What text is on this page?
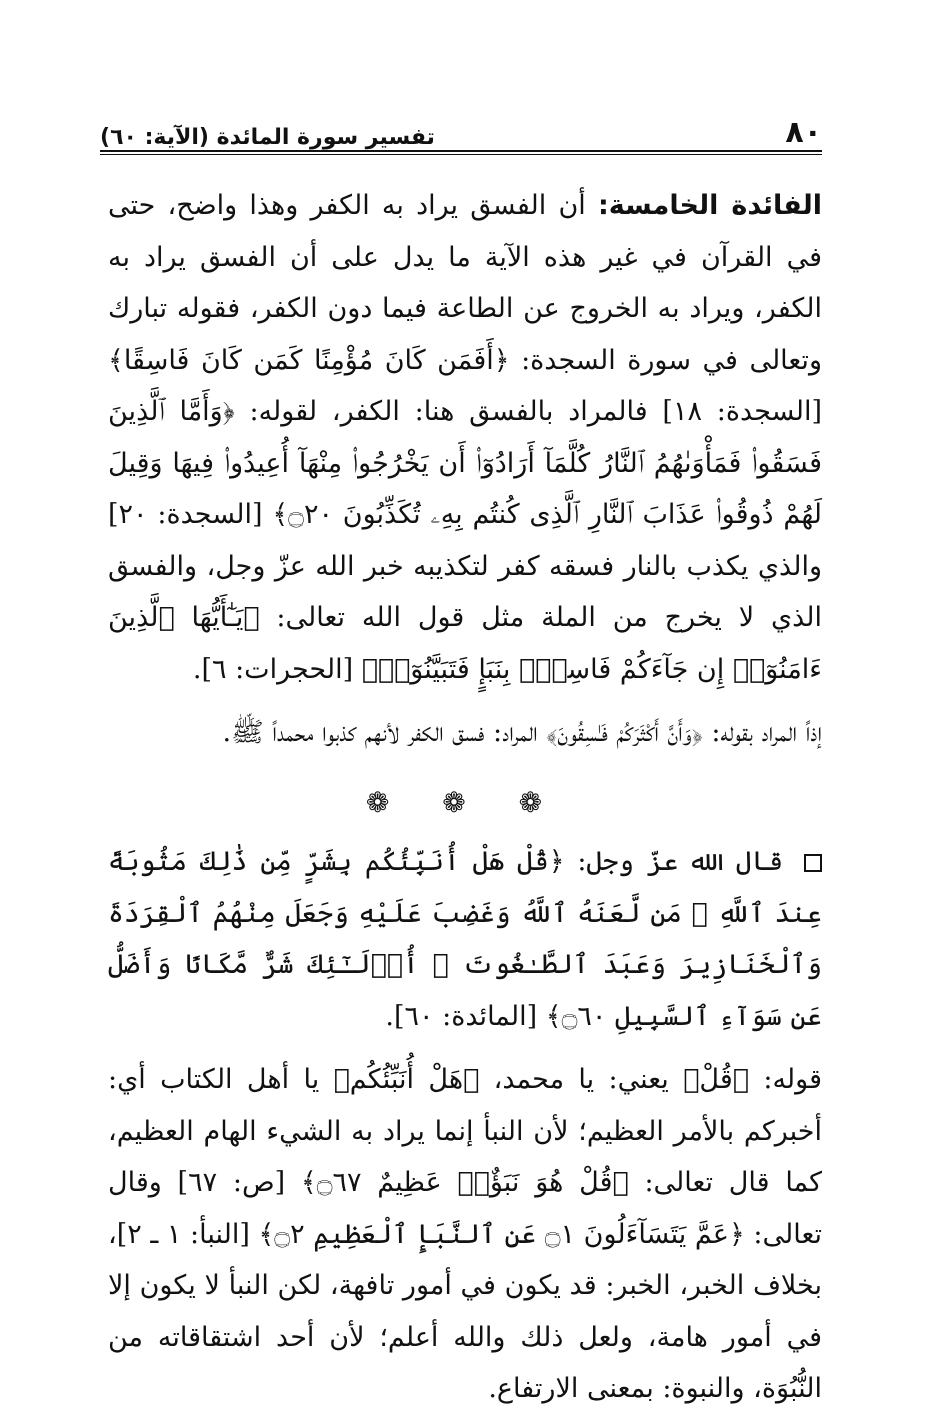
٨٠
تفسير سورة المائدة (الآية: ٦٠)

الفائدة الخامسة: أن الفسق يراد به الكفر وهذا واضح، حتى في القرآن في غير هذه الآية ما يدل على أن الفسق يراد به الكفر، ويراد به الخروج عن الطاعة فيما دون الكفر، فقوله تبارك وتعالى في سورة السجدة: ﴿أَفَمَن كَانَ مُؤْمِنًا كَمَن كَانَ فَاسِقًا﴾ [السجدة: ١٨] فالمراد بالفسق هنا: الكفر، لقوله: ﴿وَأَمَّا ٱلَّذِينَ فَسَقُوا۟ فَمَأْوَىٰهُمُ ٱلنَّارُ كُلَّمَآ أَرَادُوٓا۟ أَن يَخْرُجُوا۟ مِنْهَآ أُعِيدُوا۟ فِيهَا وَقِيلَ لَهُمْ ذُوقُوا۟ عَذَابَ ٱلنَّارِ ٱلَّذِى كُنتُم بِهِۦ تُكَذِّبُونَ ۝٢٠﴾ [السجدة: ٢٠] والذي يكذب بالنار فسقه كفر لتكذيبه خبر الله عزّ وجل، والفسق الذي لا يخرج من الملة مثل قول الله تعالى: ﴿يَـٰٓأَيُّهَا ٱلَّذِينَ ءَامَنُوٓا۟ إِن جَآءَكُمْ فَاسِقٌۢ بِنَبَإٍ فَتَبَيَّنُوٓا۟﴾ [الحجرات: ٦].

إذاً المراد بقوله: ﴿وَأَنَّ أَكْثَرَكُمْ فَـٰسِقُونَ﴾ المراد: فسق الكفر لأنهم كذبوا محمداً ﷺ.

❁ ❁ ❁

قال الله عزّ وجل: ﴿قُلْ هَلْ أُنَبِّئُكُم بِشَرٍّ مِّن ذَٰلِكَ مَثُوبَةً عِندَ ٱللَّهِ ۚ مَن لَّعَنَهُ ٱللَّهُ وَغَضِبَ عَلَيْهِ وَجَعَلَ مِنْهُمُ ٱلْقِرَدَةَ وَٱلْخَنَازِيرَ وَعَبَدَ ٱلطَّـٰغُوتَ ۚ أُو۟لَـٰٓئِكَ شَرٌّ مَّكَانًا وَأَضَلُّ عَن سَوَآءِ ٱلسَّبِيلِ ۝٦٠﴾ [المائدة: ٦٠].

قوله: ﴿قُلْ﴾ يعني: يا محمد، ﴿هَلْ أُنَبِّئُكُم﴾ يا أهل الكتاب أي: أخبركم بالأمر العظيم؛ لأن النبأ إنما يراد به الشيء الهام العظيم، كما قال تعالى: ﴿قُلْ هُوَ نَبَؤٌا۟ عَظِيمٌ ۝٦٧﴾ [ص: ٦٧] وقال تعالى: ﴿عَمَّ يَتَسَآءَلُونَ ۝١ عَنِ ٱلنَّبَإِ ٱلْعَظِيمِ ۝٢﴾ [النبأ: ١ ـ ٢]، بخلاف الخبر، الخبر: قد يكون في أمور تافهة، لكن النبأ لا يكون إلا في أمور هامة، ولعل ذلك والله أعلم؛ لأن أحد اشتقاقاته من النُّبُوَة، والنبوة: بمعنى الارتفاع.
